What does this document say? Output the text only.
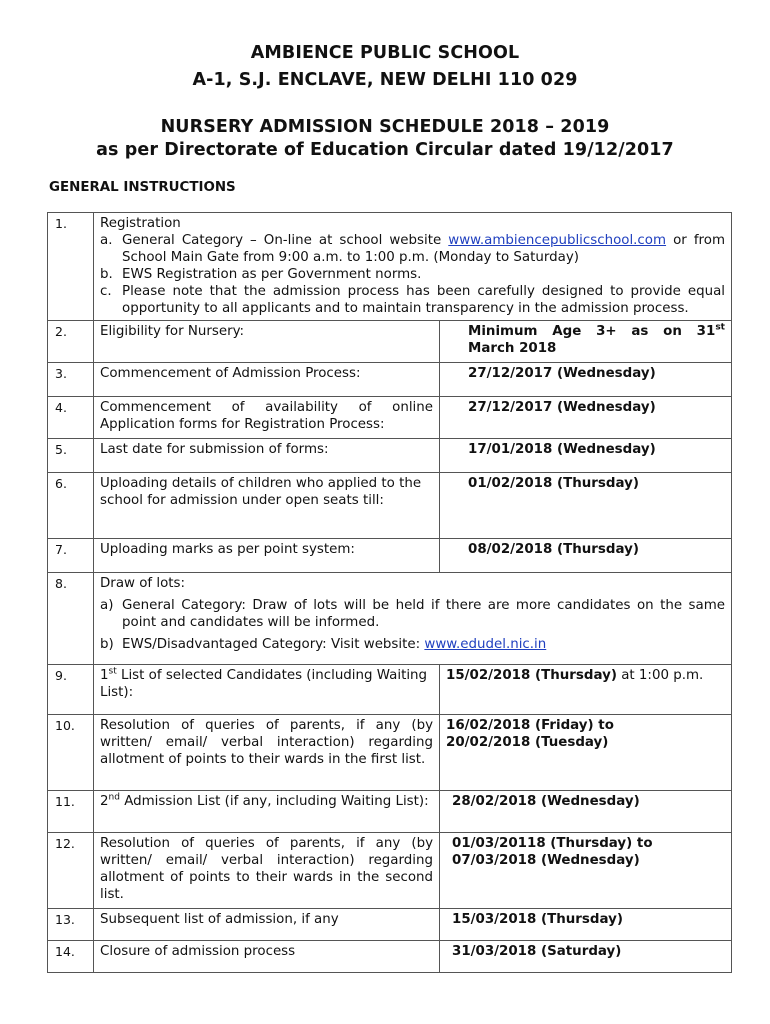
AMBIENCE PUBLIC SCHOOL
A-1, S.J. ENCLAVE, NEW DELHI 110 029
NURSERY ADMISSION SCHEDULE 2018 – 2019
as per Directorate of Education Circular dated 19/12/2017
GENERAL INSTRUCTIONS
1.	Registration
a. General Category – On-line at school website www.ambiencepublicschool.com or from School Main Gate from 9:00 a.m. to 1:00 p.m. (Monday to Saturday)
b. EWS Registration as per Government norms.
c. Please note that the admission process has been carefully designed to provide equal opportunity to all applicants and to maintain transparency in the admission process.	

2.	Eligibility for Nursery:	Minimum Age 3+ as on 31st March 2018
3.	Commencement of Admission Process:	27/12/2017 (Wednesday)
4.	Commencement of availability of online Application forms for Registration Process:	27/12/2017 (Wednesday)
5.	Last date for submission of forms:	17/01/2018 (Wednesday)
6.	Uploading details of children who applied to the school for admission under open seats till:	01/02/2018 (Thursday)
7.	Uploading marks as per point system:	08/02/2018 (Thursday)
8.	Draw of lots:
a) General Category: Draw of lots will be held if there are more candidates on the same point and candidates will be informed.
b) EWS/Disadvantaged Category: Visit website: www.edudel.nic.in	

9.	1st List of selected Candidates (including Waiting List):	15/02/2018 (Thursday) at 1:00 p.m.
10.	Resolution of queries of parents, if any (by written/ email/ verbal interaction) regarding allotment of points to their wards in the first list.	16/02/2018 (Friday) to
20/02/2018 (Tuesday)

11.	2nd Admission List (if any, including Waiting List):	28/02/2018 (Wednesday)
12.	Resolution of queries of parents, if any (by written/ email/ verbal interaction) regarding allotment of points to their wards in the second list.	01/03/20118 (Thursday) to
07/03/2018 (Wednesday)

13.	Subsequent list of admission, if any	15/03/2018 (Thursday)
14.	Closure of admission process	31/03/2018 (Saturday)
